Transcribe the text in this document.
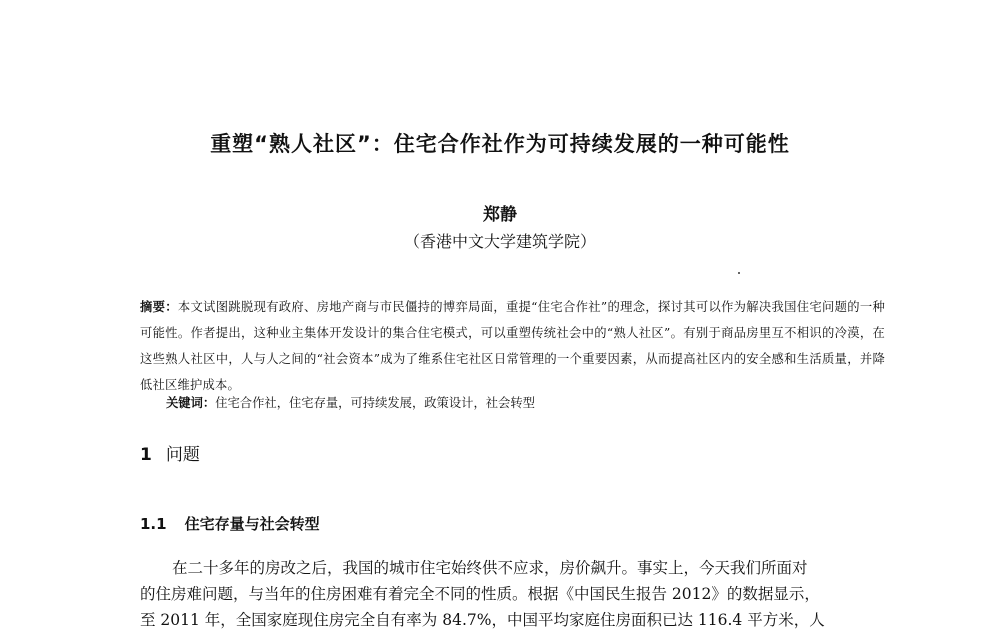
重塑“熟人社区”：住宅合作社作为可持续发展的一种可能性
郑静
（香港中文大学建筑学院）
摘要：本文试图跳脱现有政府、房地产商与市民僵持的博弈局面，重提“住宅合作社”的理念，探讨其可以作为解决我国住宅问题的一种可能性。作者提出，这种业主集体开发设计的集合住宅模式，可以重塑传统社会中的“熟人社区”。有别于商品房里互不相识的冷漠，在这些熟人社区中，人与人之间的“社会资本”成为了维系住宅社区日常管理的一个重要因素，从而提高社区内的安全感和生活质量，并降低社区维护成本。
关键词：住宅合作社，住宅存量，可持续发展，政策设计，社会转型
1 问题
1.1 住宅存量与社会转型
在二十多年的房改之后，我国的城市住宅始终供不应求，房价飙升。事实上，今天我们所面对
的住房难问题，与当年的住房困难有着完全不同的性质。根据《中国民生报告 2012》的数据显示，
至 2011 年，全国家庭现住房完全自有率为 84.7%，中国平均家庭住房面积已达 116.4 平方米，人
